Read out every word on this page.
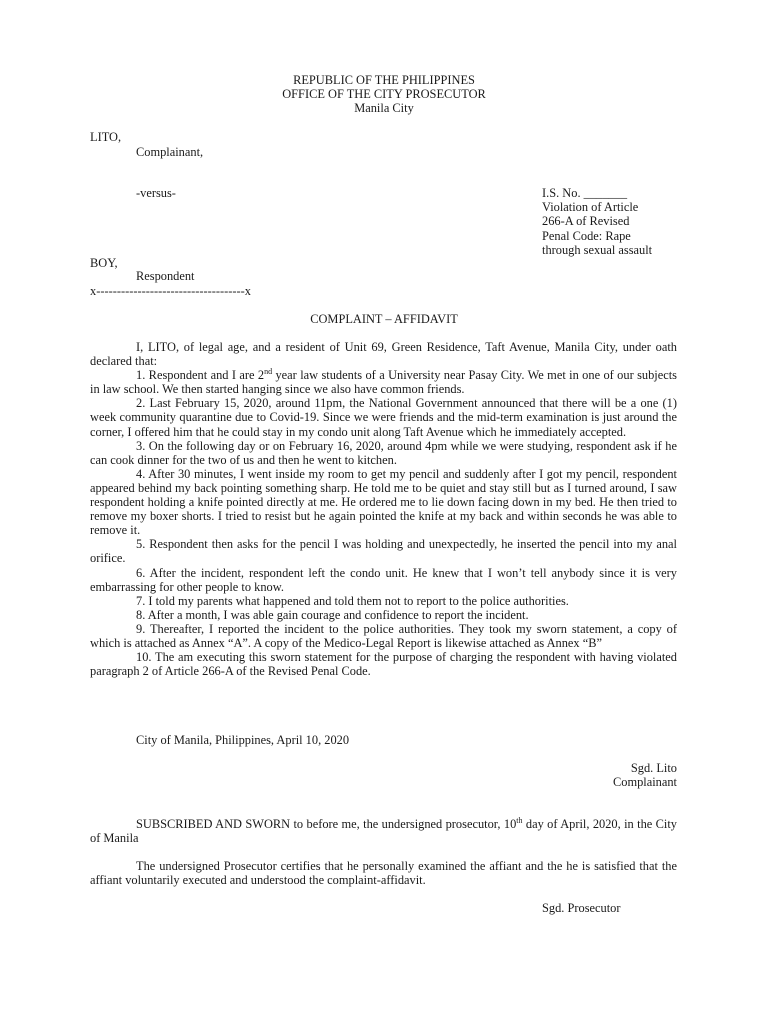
REPUBLIC OF THE PHILIPPINES
OFFICE OF THE CITY PROSECUTOR
Manila City
LITO,
Complainant,
-versus-	I.S. No. _______
Violation of Article
266-A of Revised
Penal Code: Rape
through sexual assault
BOY,
Respondent
x------------------------------------x
COMPLAINT – AFFIDAVIT

I, LITO, of legal age, and a resident of Unit 69, Green Residence, Taft Avenue, Manila City, under oath declared that:

1. Respondent and I are 2nd year law students of a University near Pasay City. We met in one of our subjects in law school. We then started hanging since we also have common friends.

2. Last February 15, 2020, around 11pm, the National Government announced that there will be a one (1) week community quarantine due to Covid-19. Since we were friends and the mid-term examination is just around the corner, I offered him that he could stay in my condo unit along Taft Avenue which he immediately accepted.

3. On the following day or on February 16, 2020, around 4pm while we were studying, respondent ask if he can cook dinner for the two of us and then he went to kitchen.

4. After 30 minutes, I went inside my room to get my pencil and suddenly after I got my pencil, respondent appeared behind my back pointing something sharp. He told me to be quiet and stay still but as I turned around, I saw respondent holding a knife pointed directly at me. He ordered me to lie down facing down in my bed. He then tried to remove my boxer shorts. I tried to resist but he again pointed the knife at my back and within seconds he was able to remove it.

5. Respondent then asks for the pencil I was holding and unexpectedly, he inserted the pencil into my anal orifice.

6. After the incident, respondent left the condo unit. He knew that I won’t tell anybody since it is very embarrassing for other people to know.

7. I told my parents what happened and told them not to report to the police authorities.

8. After a month, I was able gain courage and confidence to report the incident.

9. Thereafter, I reported the incident to the police authorities. They took my sworn statement, a copy of which is attached as Annex “A”. A copy of the Medico-Legal Report is likewise attached as Annex “B”

10. The am executing this sworn statement for the purpose of charging the respondent with having violated paragraph 2 of Article 266-A of the Revised Penal Code.

City of Manila, Philippines, April 10, 2020
Sgd. Lito
Complainant

SUBSCRIBED AND SWORN to before me, the undersigned prosecutor, 10th day of April, 2020, in the City of Manila

The undersigned Prosecutor certifies that he personally examined the affiant and the he is satisfied that the affiant voluntarily executed and understood the complaint-affidavit.

Sgd. Prosecutor
